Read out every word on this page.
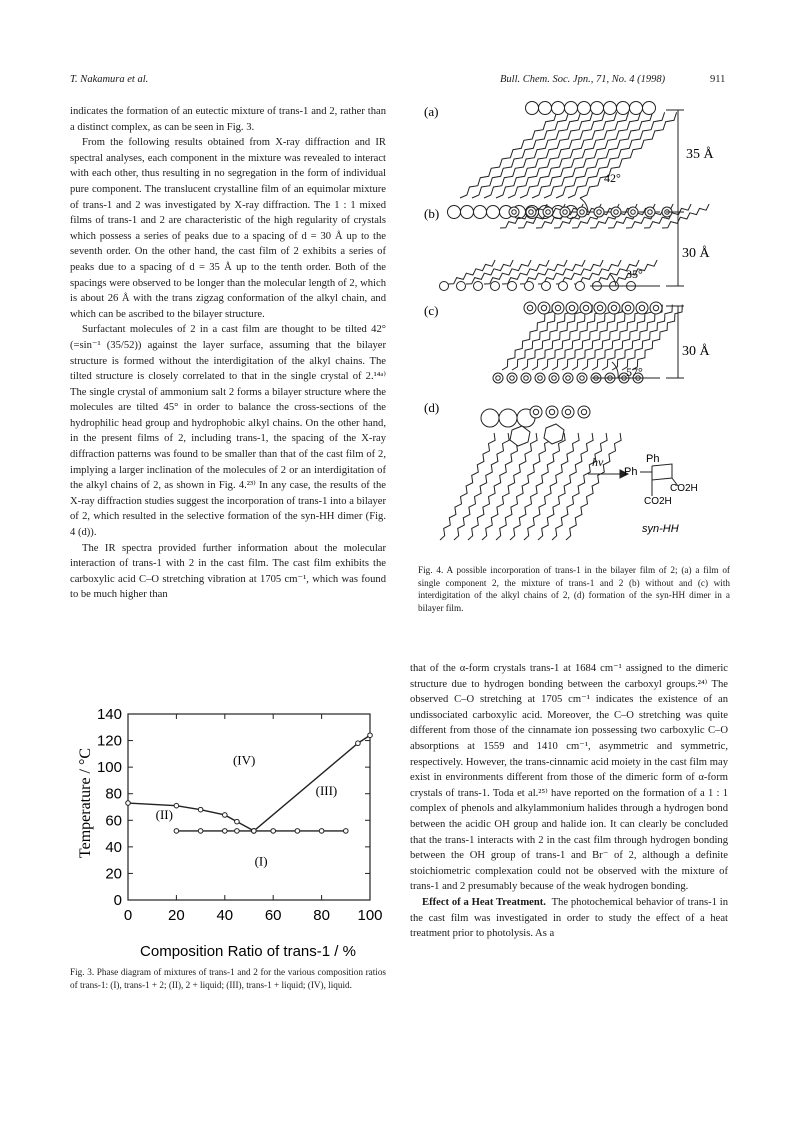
T. Nakamura et al.	Bull. Chem. Soc. Jpn., 71, No. 4 (1998)	911

indicates the formation of an eutectic mixture of trans-1 and 2, rather than a distinct complex, as can be seen in Fig. 3.

From the following results obtained from X-ray diffraction and IR spectral analyses, each component in the mixture was revealed to interact with each other, thus resulting in no segregation in the form of individual pure component. The translucent crystalline film of an equimolar mixture of trans-1 and 2 was investigated by X-ray diffraction. The 1 : 1 mixed films of trans-1 and 2 are characteristic of the high regularity of crystals which possess a series of peaks due to a spacing of d = 30 Å up to the seventh order. On the other hand, the cast film of 2 exhibits a series of peaks due to a spacing of d = 35 Å up to the tenth order. Both of the spacings were observed to be longer than the molecular length of 2, which is about 26 Å with the trans zigzag conformation of the alkyl chain, and which can be ascribed to the bilayer structure.

Surfactant molecules of 2 in a cast film are thought to be tilted 42° (=sin⁻¹ (35/52)) against the layer surface, assuming that the bilayer structure is formed without the interdigitation of the alkyl chains. The tilted structure is closely correlated to that in the single crystal of 2.¹⁴ᵃ⁾ The single crystal of ammonium salt 2 forms a bilayer structure where the molecules are tilted 45° in order to balance the cross-sections of the hydrophilic head group and hydrophobic alkyl chains. On the other hand, in the present films of 2, including trans-1, the spacing of the X-ray diffraction patterns was found to be smaller than that of the cast film of 2, implying a larger inclination of the molecules of 2 or an interdigitation of the alkyl chains of 2, as shown in Fig. 4.²³⁾ In any case, the results of the X-ray diffraction studies suggest the incorporation of trans-1 into a bilayer of 2, which resulted in the selective formation of the syn-HH dimer (Fig. 4 (d)).

The IR spectra provided further information about the molecular interaction of trans-1 with 2 in the cast film. The cast film exhibits the carboxylic acid C–O stretching vibration at 1705 cm⁻¹, which was found to be much higher than

(a)
(b)
(c)
(d)
35 Å
30 Å
30 Å
42°
35°
57°
hv	Ph
Ph
CO2H
CO2H
syn-HH
Fig. 4. A possible incorporation of trans-1 in the bilayer film of 2; (a) a film of single component 2, the mixture of trans-1 and 2 (b) without and (c) with interdigitation of the alkyl chains of 2, (d) formation of the syn-HH dimer in a bilayer film.

that of the α-form crystals trans-1 at 1684 cm⁻¹ assigned to the dimeric structure due to hydrogen bonding between the carboxyl groups.²⁴⁾ The observed C–O stretching at 1705 cm⁻¹ indicates the existence of an undissociated carboxylic acid. Moreover, the C–O stretching was quite different from those of the cinnamate ion possessing two carboxylic C–O absorptions at 1559 and 1410 cm⁻¹, asymmetric and symmetric, respectively. However, the trans-cinnamic acid moiety in the cast film may exist in environments different from those of the dimeric form of α-form crystals of trans-1. Toda et al.²⁵⁾ have reported on the formation of a 1 : 1 complex of phenols and alkylammonium halides through a hydrogen bond between the acidic OH group and halide ion. It can clearly be concluded that the trans-1 interacts with 2 in the cast film through hydrogen bonding between the OH group of trans-1 and Br⁻ of 2, although a definite stoichiometric complexation could not be observed with the mixture of trans-1 and 2 presumably because of the weak hydrogen bonding.

Effect of a Heat Treatment. The photochemical behavior of trans-1 in the cast film was investigated in order to study the effect of a heat treatment prior to photolysis. As a

0 20 40 60 80 100
0
20
40
60
80
100
120
140
(I)
(II)
(III)
(IV)
Temperature / °C
Composition Ratio of trans-1 / %
Fig. 3. Phase diagram of mixtures of trans-1 and 2 for the various composition ratios of trans-1: (I), trans-1 + 2; (II), 2 + liquid; (III), trans-1 + liquid; (IV), liquid.
